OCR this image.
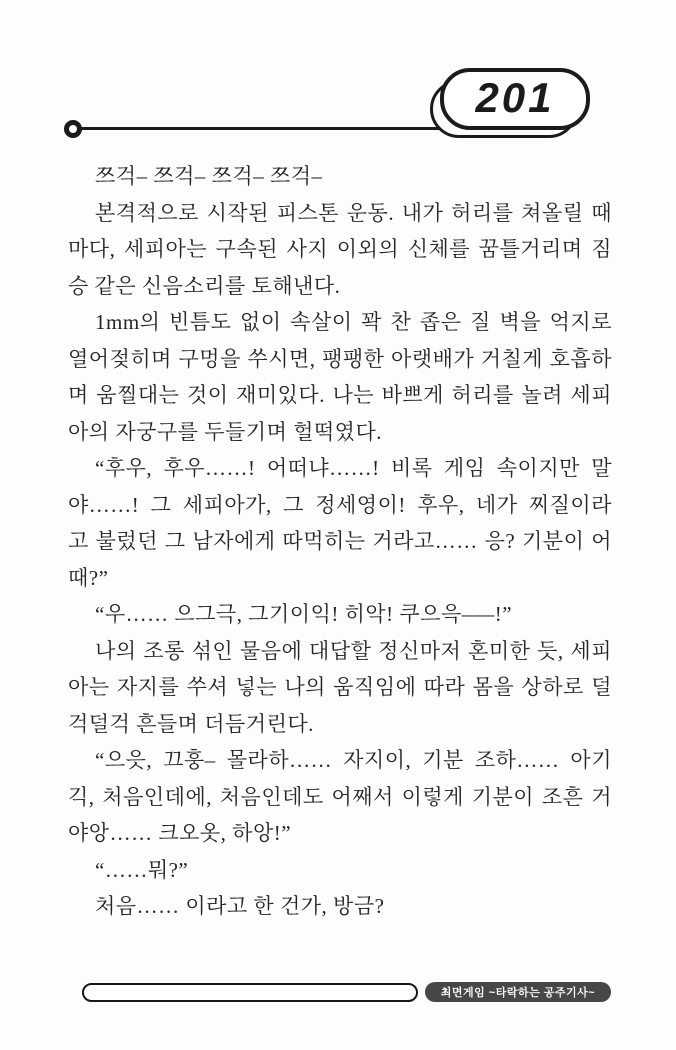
201
쯔걱– 쯔걱– 쯔걱– 쯔걱–
본격적으로 시작된 피스톤 운동. 내가 허리를 쳐올릴 때
마다, 세피아는 구속된 사지 이외의 신체를 꿈틀거리며 짐
승 같은 신음소리를 토해낸다.
1mm의 빈틈도 없이 속살이 꽉 찬 좁은 질 벽을 억지로
열어젖히며 구멍을 쑤시면, 팽팽한 아랫배가 거칠게 호흡하
며 움찔대는 것이 재미있다. 나는 바쁘게 허리를 놀려 세피
아의 자궁구를 두들기며 헐떡였다.
“후우, 후우……! 어떠냐……! 비록 게임 속이지만 말
야……! 그 세피아가, 그 정세영이! 후우, 네가 찌질이라
고 불렀던 그 남자에게 따먹히는 거라고…… 응? 기분이 어
때?”
“우…… 으그극, 그기이익! 히악! 쿠으윽–––!”
나의 조롱 섞인 물음에 대답할 정신마저 혼미한 듯, 세피
아는 자지를 쑤셔 넣는 나의 움직임에 따라 몸을 상하로 덜
걱덜걱 흔들며 더듬거린다.
“으읏, 끄훙– 몰라하…… 자지이, 기분 조하…… 아기
긱, 처음인데에, 처음인데도 어째서 이렇게 기분이 조흔 거
야앙…… 크오옷, 하앙!”
“……뭐?”
처음…… 이라고 한 건가, 방금?
최면게임 ~타락하는 공주기사~
